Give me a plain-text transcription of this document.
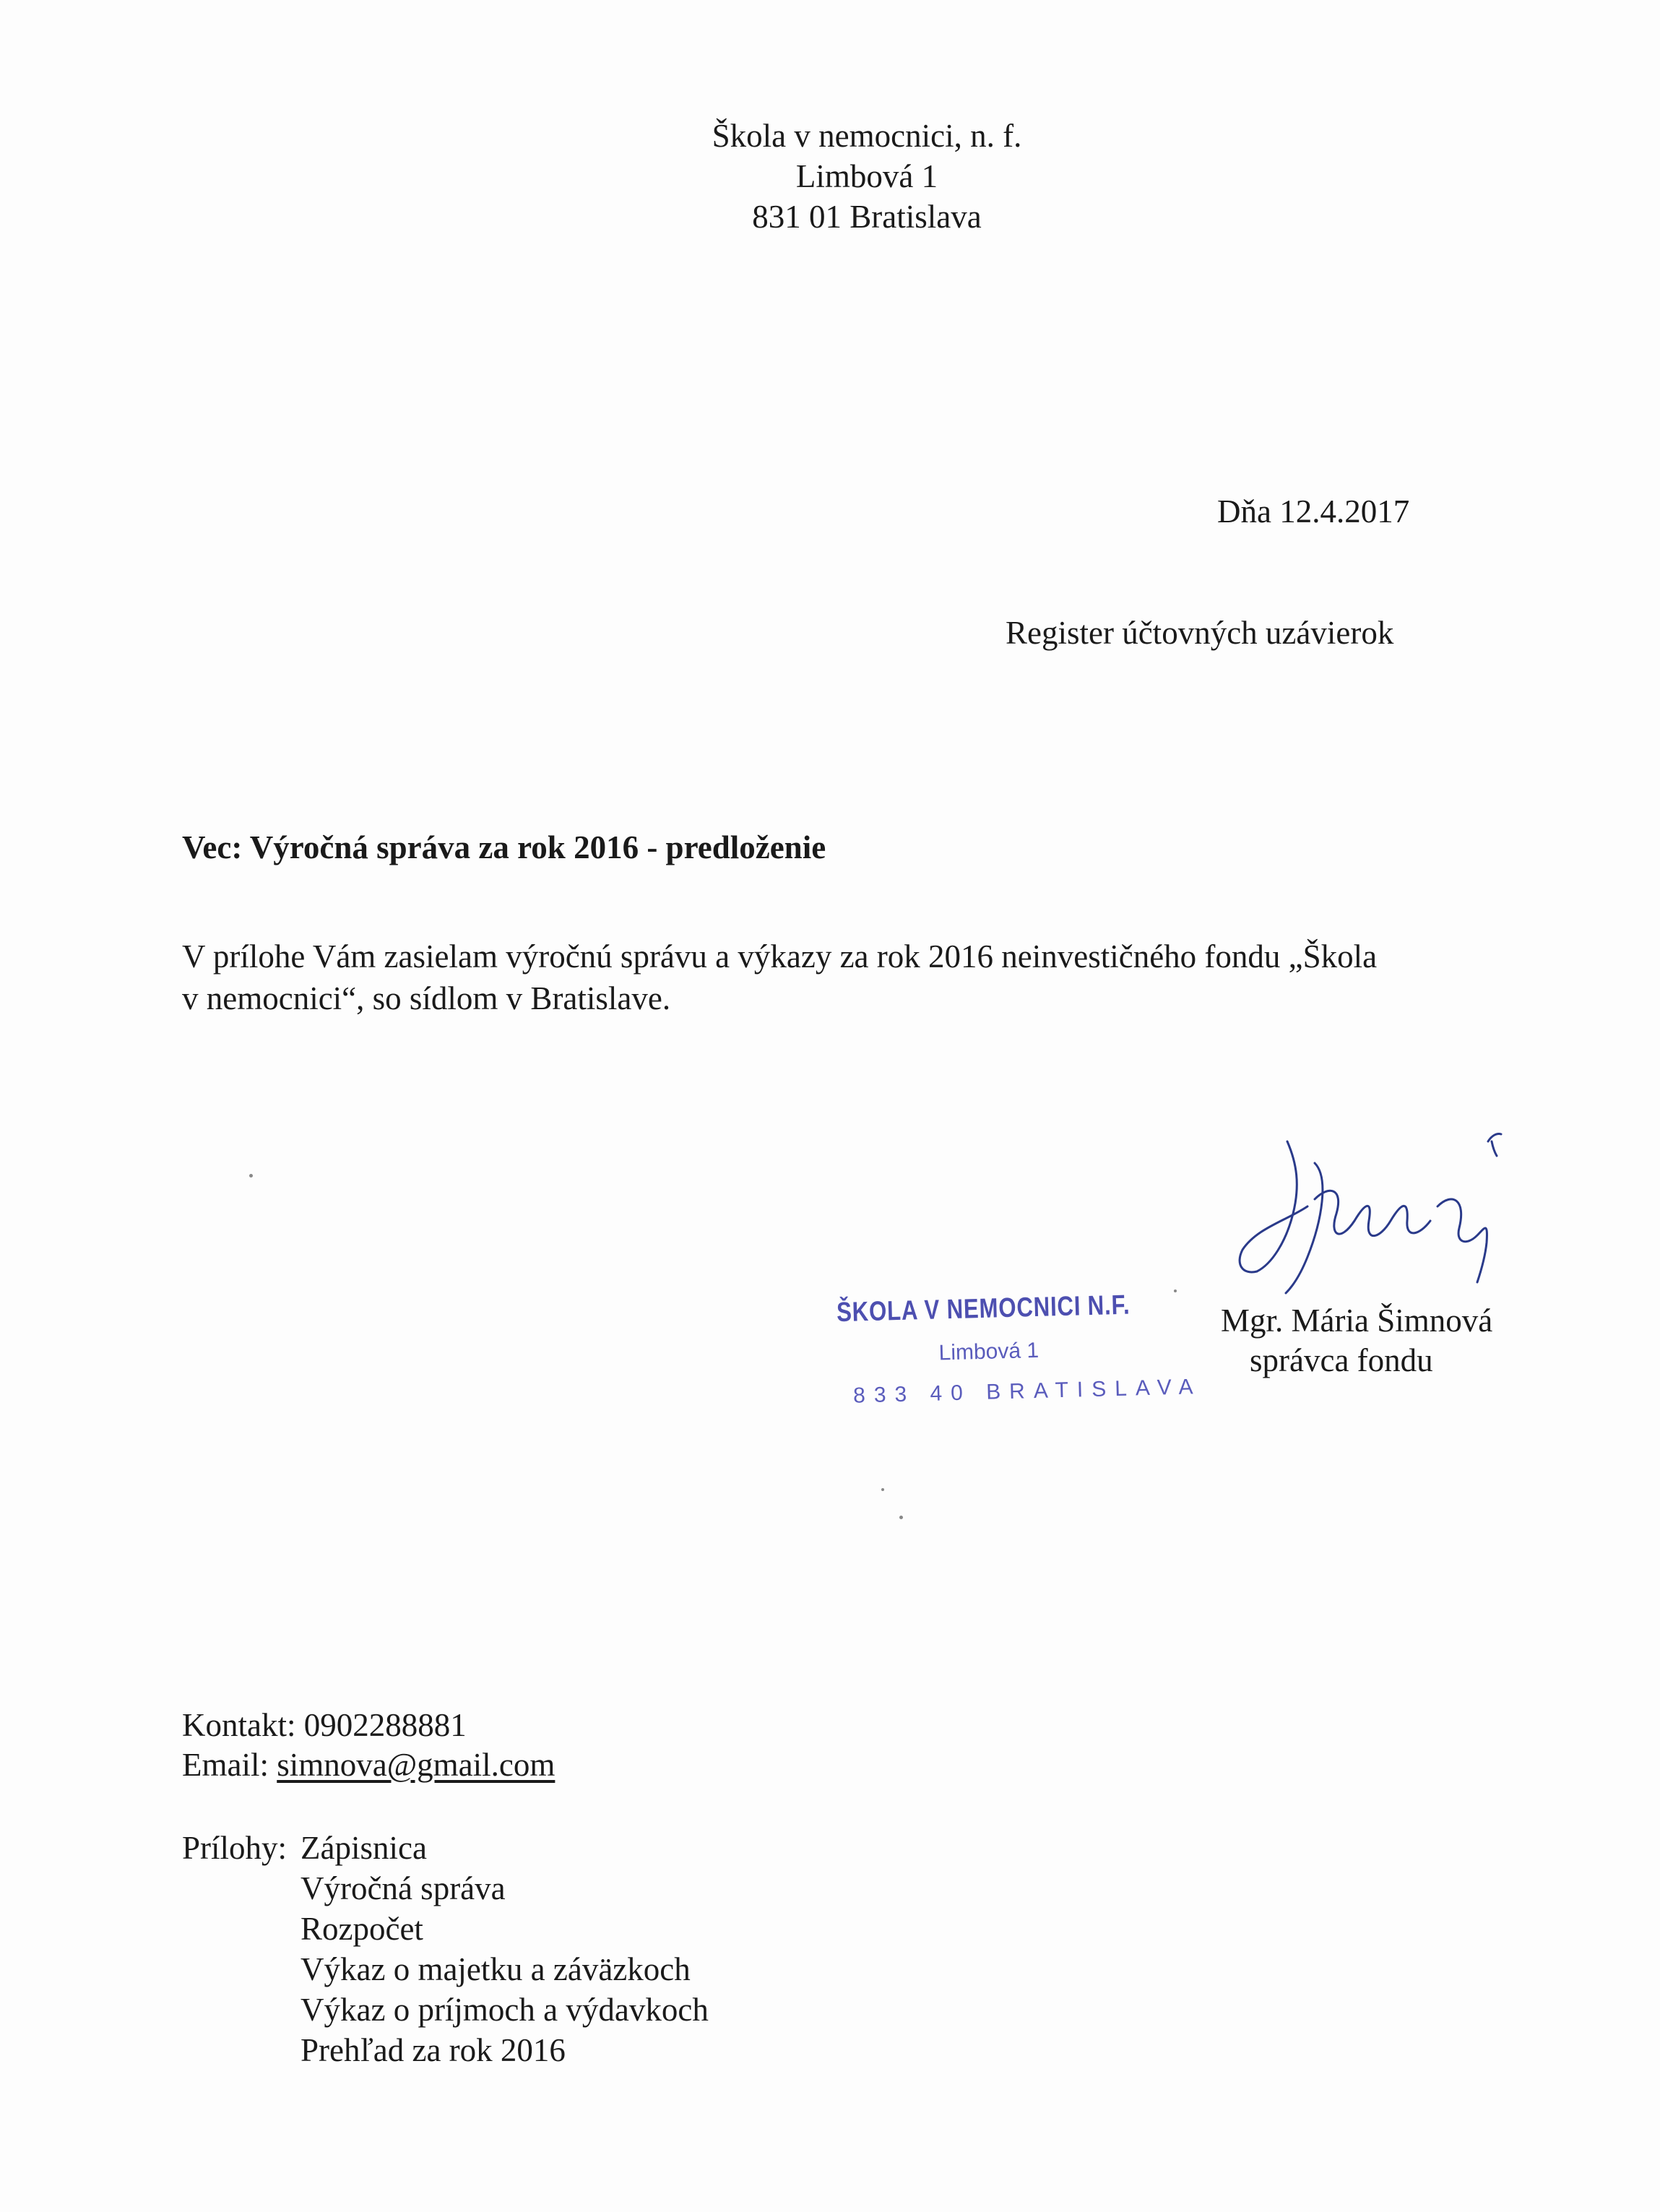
Škola v nemocnici, n. f.
Limbová 1
831 01 Bratislava
Dňa 12.4.2017
Register účtovných uzávierok
Vec: Výročná správa za rok 2016 - predloženie
V prílohe Vám zasielam výročnú správu a výkazy za rok 2016 neinvestičného fondu „Škola
v nemocnici“, so sídlom v Bratislave.
ŠKOLA V NEMOCNICI N.F.
Limbová 1
833 40 BRATISLAVA
Mgr. Mária Šimnová
správca fondu
Kontakt: 0902288881
Email: simnova@gmail.com
Prílohy: Zápisnica
Výročná správa
Rozpočet
Výkaz o majetku a záväzkoch
Výkaz o príjmoch a výdavkoch
Prehľad za rok 2016
